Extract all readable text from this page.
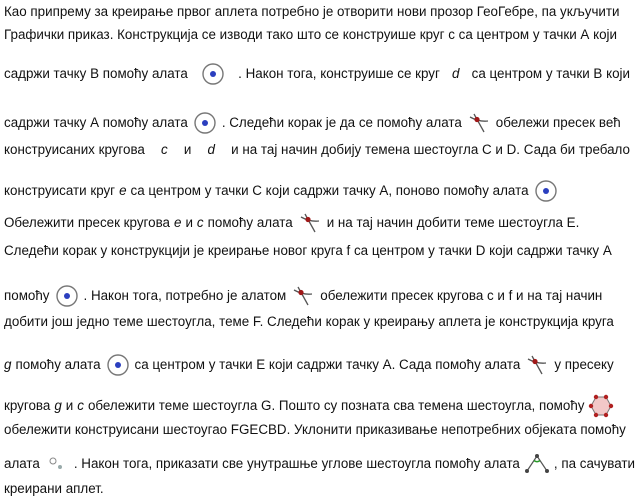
Као припрему за креирање првог аплета потребно је отворити нови прозор ГеоГебре, па укључити
Графички приказ. Конструкција се изводи тако што се конструише круг c са центром у тачки А који
садржи тачку В помоћу алата	. Након тога, конструише се круг d са центром у тачки В који
садржи тачку А помоћу алата	. Следећи корак је да се помоћу алата	обележи пресек већ
конструисаних кругова c и d и на тај начин добију темена шестоугла С и D. Сада би требало
конструисати круг e са центром у тачки С који садржи тачку А, поново помоћу алата
Обележити пресек кругова e и c помоћу алата	и на тај начин добити теме шестоугла Е.
Следећи корак у конструкцији је креирање новог круга f са центром у тачки D који садржи тачку А
помоћу	. Након тога, потребно је алатом	обележити пресек кругова c и f и на тај начин
добити још једно теме шестоугла, теме F. Следећи корак у креирању аплета је конструкција круга
g помоћу алата	са центром у тачки Е који садржи тачку А. Сада помоћу алата	у пресеку
кругова g и c обележити теме шестоугла G. Пошто су позната сва темена шестоугла, помоћу
обележити конструисани шестоугао FGECBD. Уклонити приказивање непотребних објеката помоћу
алата	. Након тога, приказати све унутрашње углове шестоугла помоћу алата	, па сачувати
креирани аплет.
